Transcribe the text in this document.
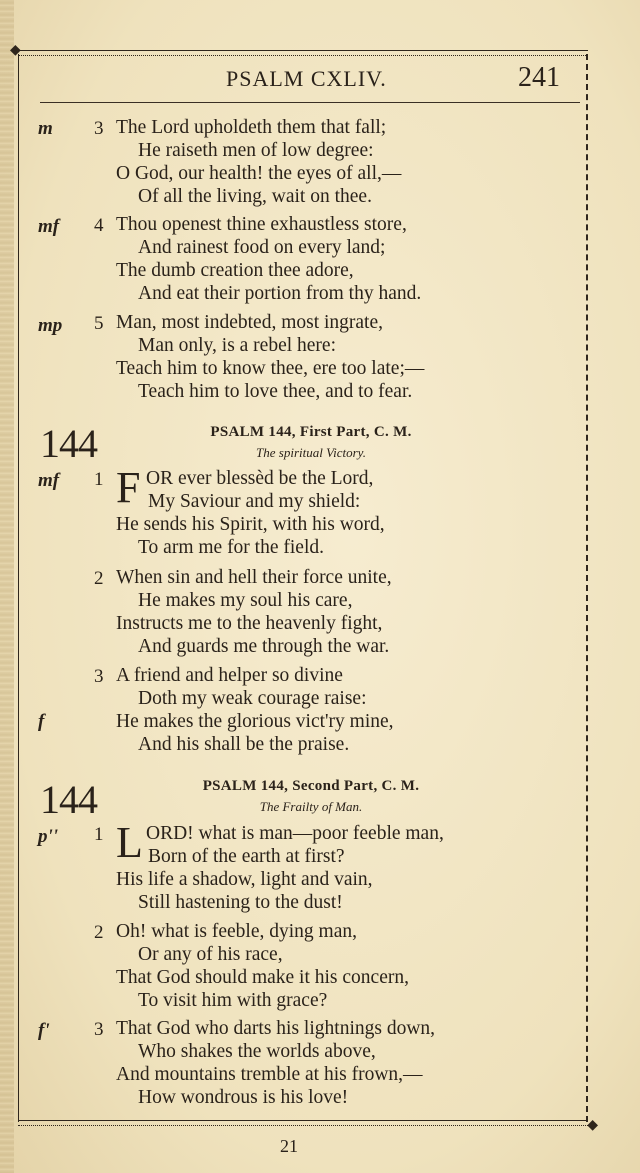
◆
◆
PSALM CXLIV.	241
m 3 The Lord upholdeth them that fall;
He raiseth men of low degree:
O God, our health! the eyes of all,—
Of all the living, wait on thee.
mf 4 Thou openest thine exhaustless store,
And rainest food on every land;
The dumb creation thee adore,
And eat their portion from thy hand.
mp 5 Man, most indebted, most ingrate,
Man only, is a rebel here:
Teach him to know thee, ere too late;—
Teach him to love thee, and to fear.
144	PSALM 144, First Part, C. M.
The spiritual Victory.
mf 1 F OR ever blessèd be the Lord,
My Saviour and my shield:
He sends his Spirit, with his word,
To arm me for the field.
2 When sin and hell their force unite,
He makes my soul his care,
Instructs me to the heavenly fight,
And guards me through the war.
3 A friend and helper so divine
Doth my weak courage raise:
f	He makes the glorious vict'ry mine,
And his shall be the praise.
144	PSALM 144, Second Part, C. M.
The Frailty of Man.
p'' 1 L ORD! what is man—poor feeble man,
Born of the earth at first?
His life a shadow, light and vain,
Still hastening to the dust!
2 Oh! what is feeble, dying man,
Or any of his race,
That God should make it his concern,
To visit him with grace?
f' 3 That God who darts his lightnings down,
Who shakes the worlds above,
And mountains tremble at his frown,—
How wondrous is his love!
21
